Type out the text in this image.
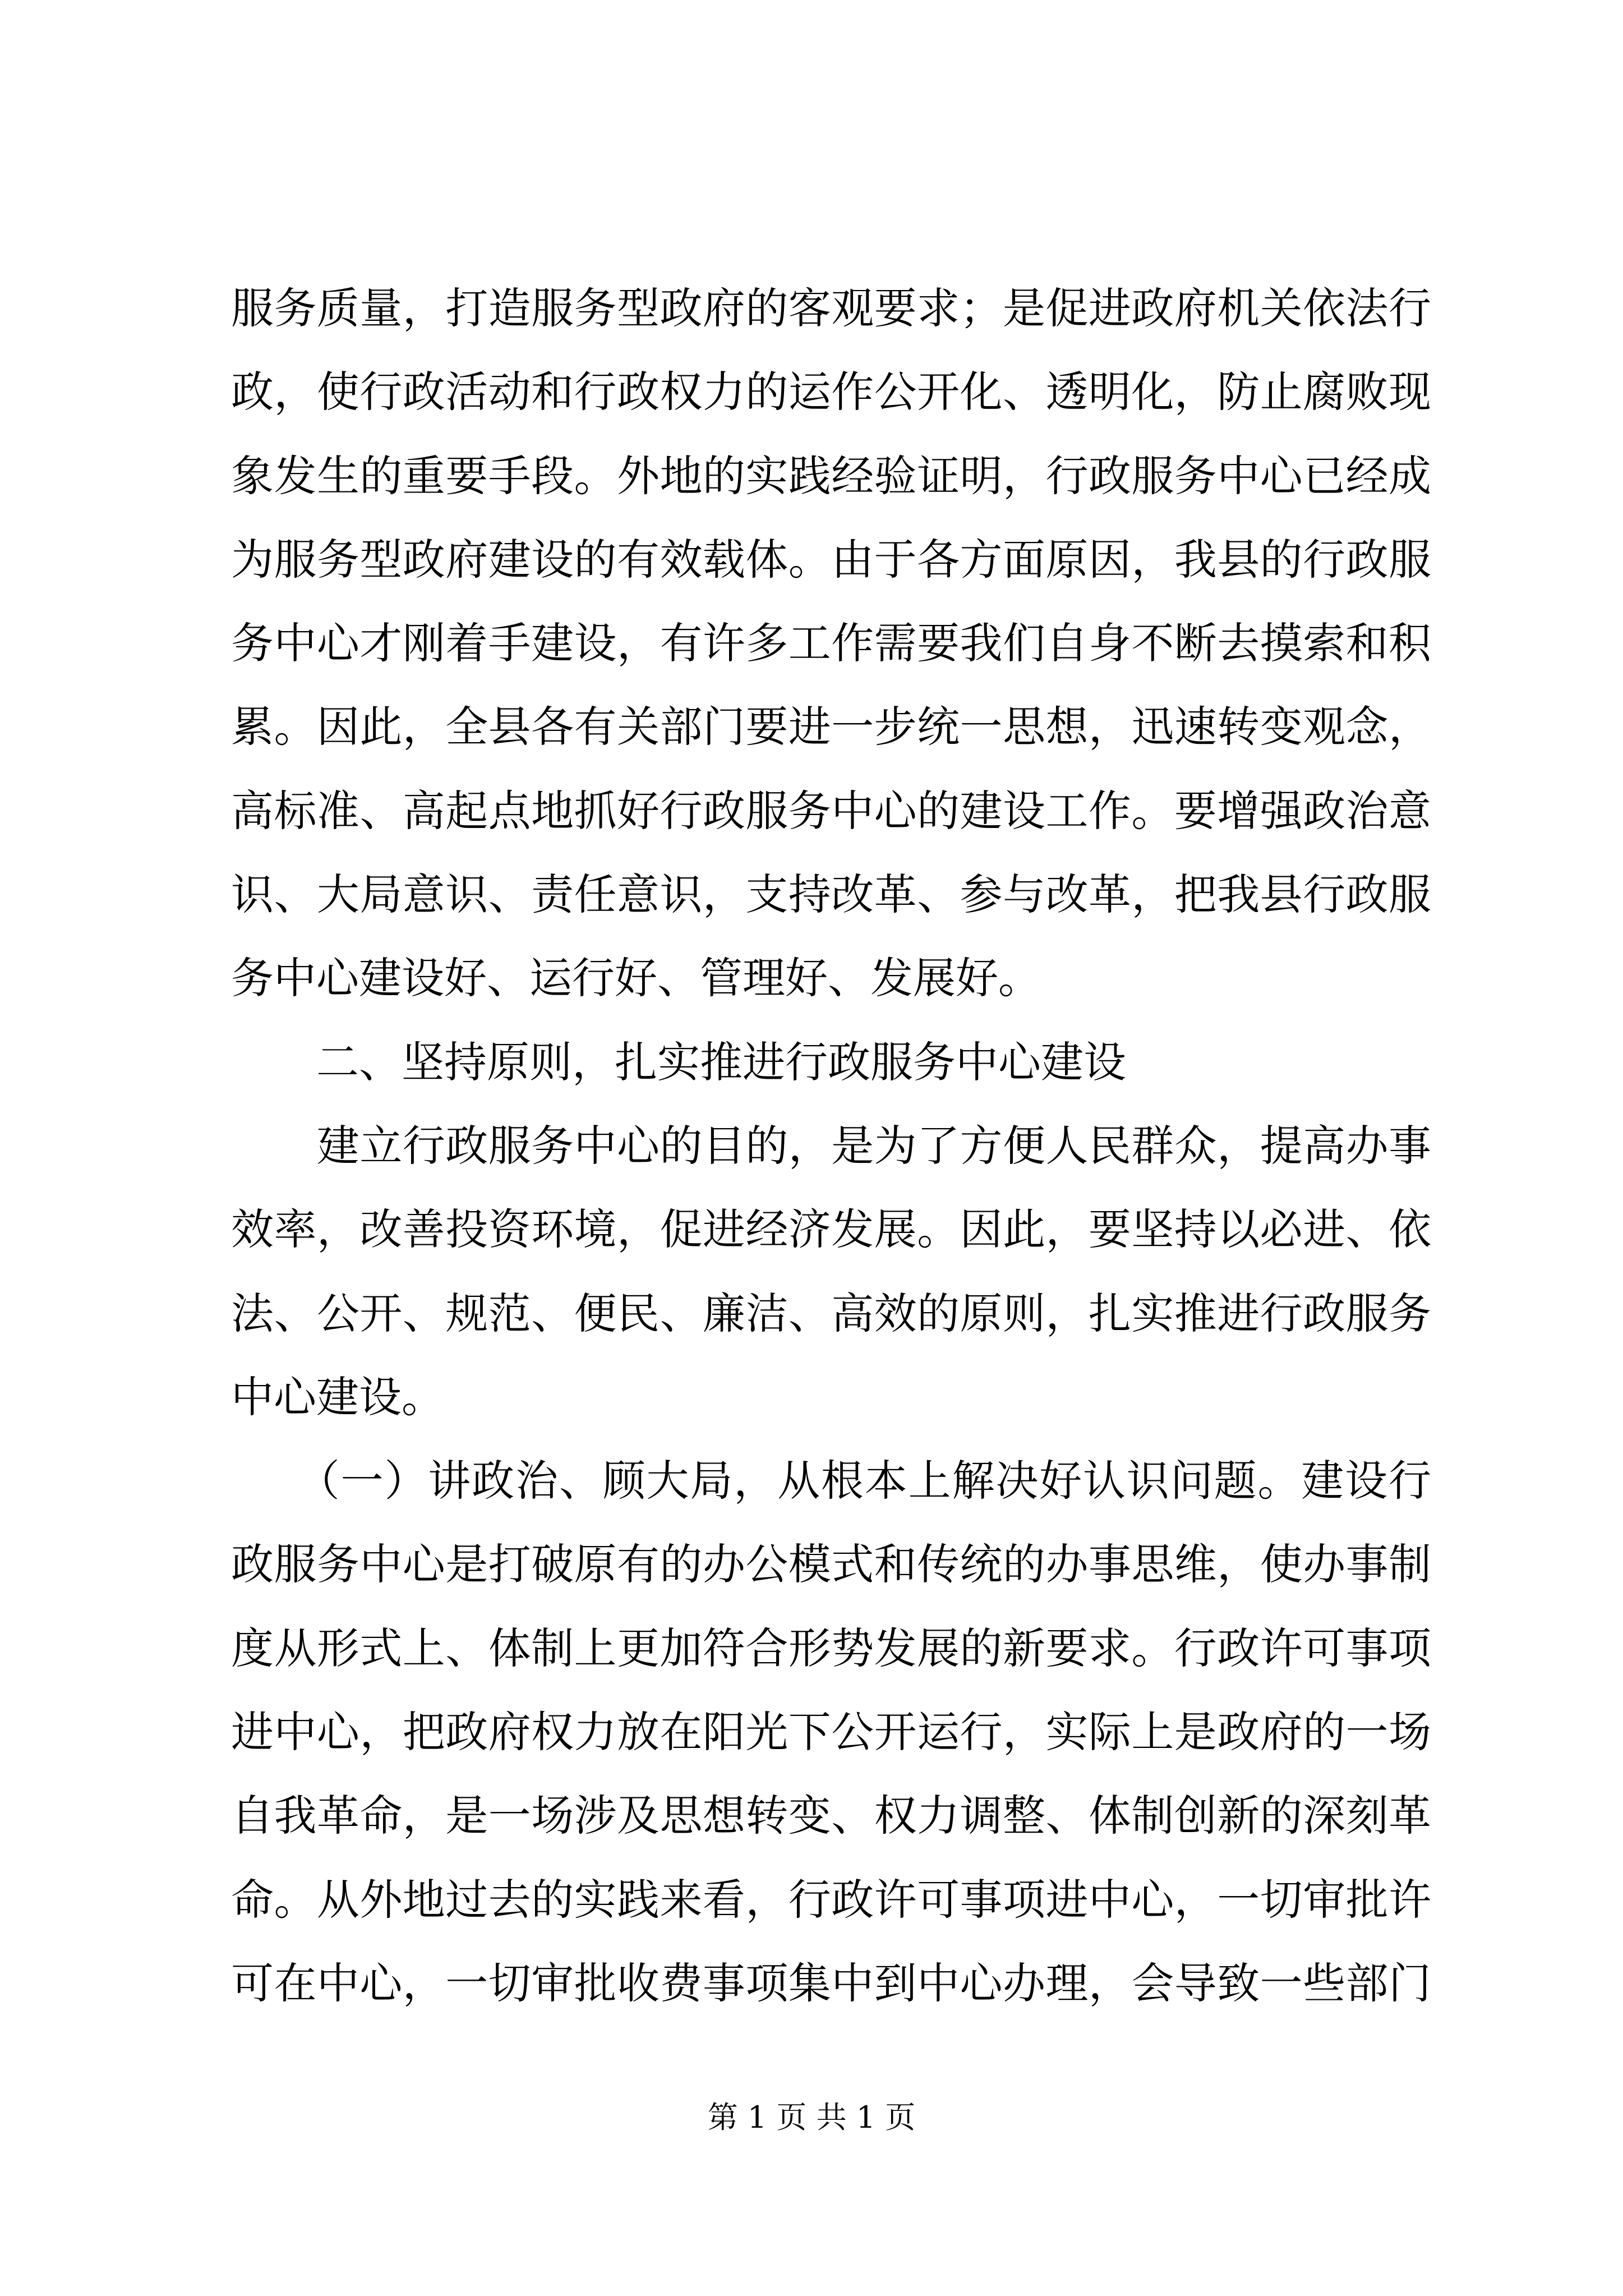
服务质量，打造服务型政府的客观要求；是促进政府机关依法行
政，使行政活动和行政权力的运作公开化、透明化，防止腐败现
象发生的重要手段。外地的实践经验证明，行政服务中心已经成
为服务型政府建设的有效载体。由于各方面原因，我县的行政服
务中心才刚着手建设，有许多工作需要我们自身不断去摸索和积
累。因此，全县各有关部门要进一步统一思想，迅速转变观念，
高标准、高起点地抓好行政服务中心的建设工作。要增强政治意
识、大局意识、责任意识，支持改革、参与改革，把我县行政服
务中心建设好、运行好、管理好、发展好。
　　二、坚持原则，扎实推进行政服务中心建设
　　建立行政服务中心的目的，是为了方便人民群众，提高办事
效率，改善投资环境，促进经济发展。因此，要坚持以必进、依
法、公开、规范、便民、廉洁、高效的原则，扎实推进行政服务
中心建设。
　　（一）讲政治、顾大局，从根本上解决好认识问题。建设行
政服务中心是打破原有的办公模式和传统的办事思维，使办事制
度从形式上、体制上更加符合形势发展的新要求。行政许可事项
进中心，把政府权力放在阳光下公开运行，实际上是政府的一场
自我革命，是一场涉及思想转变、权力调整、体制创新的深刻革
命。从外地过去的实践来看，行政许可事项进中心，一切审批许
可在中心，一切审批收费事项集中到中心办理，会导致一些部门
第 1 页 共 1 页
